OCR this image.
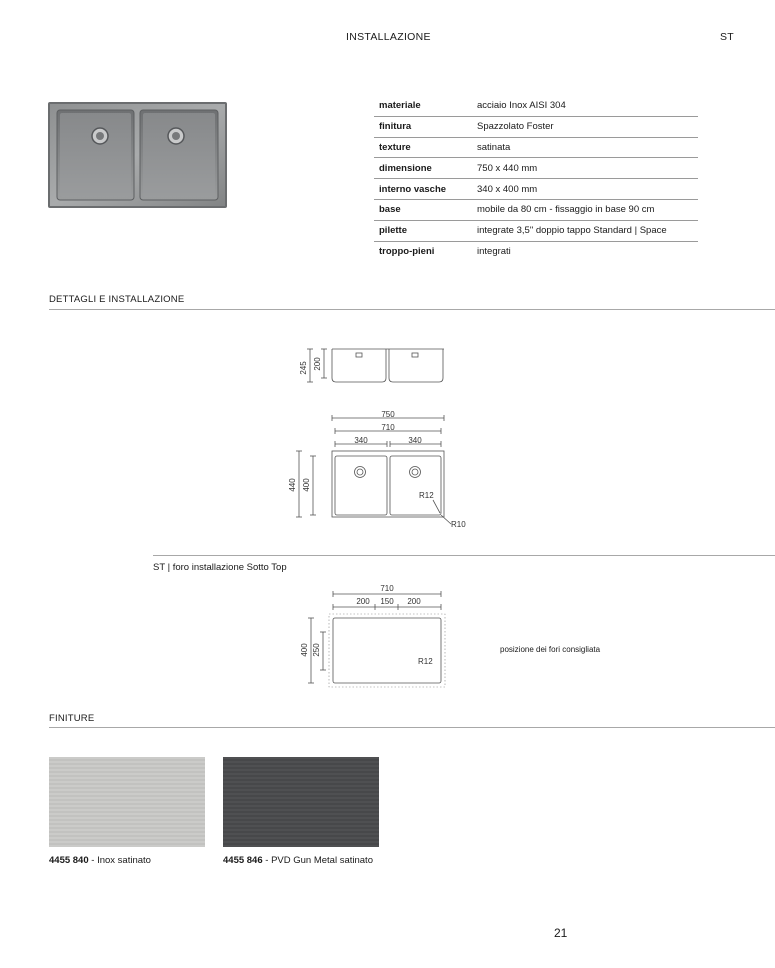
INSTALLAZIONE	ST
materiale	acciaio Inox AISI 304
finitura	Spazzolato Foster
texture	satinata
dimensione	750 x 440 mm
interno vasche	340 x 400 mm
base	mobile da 80 cm - fissaggio in base 90 cm
pilette	integrate 3,5" doppio tappo Standard | Space
troppo-pieni	integrati
DETTAGLI E INSTALLAZIONE
245 200
750
710
340	340
440 400
R12
R10
ST | foro installazione Sotto Top
710
200 150 200
400 250
R12
posizione dei fori consigliata
FINITURE
4455 840 - Inox satinato	4455 846 - PVD Gun Metal satinato
21
